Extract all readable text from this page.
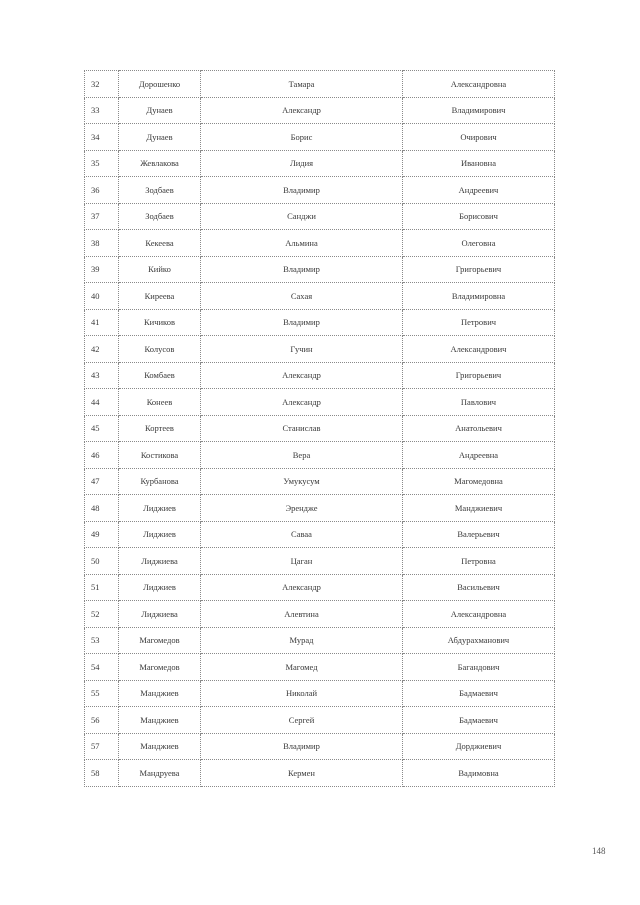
32	Дорошенко	Тамара	Александровна
33	Дунаев	Александр	Владимирович
34	Дунаев	Борис	Очирович
35	Жевлакова	Лидия	Ивановна
36	Зодбаев	Владимир	Андреевич
37	Зодбаев	Санджи	Борисович
38	Кекеева	Альмина	Олеговна
39	Кийко	Владимир	Григорьевич
40	Киреева	Сахая	Владимировна
41	Кичиков	Владимир	Петрович
42	Колусов	Гучин	Александрович
43	Комбаев	Александр	Григорьевич
44	Конеев	Александр	Павлович
45	Кортеев	Станислав	Анатольевич
46	Костикова	Вера	Андреевна
47	Курбанова	Умукусум	Магомедовна
48	Лиджиев	Эрендже	Манджиевич
49	Лиджиев	Саваа	Валерьевич
50	Лиджиева	Цаган	Петровна
51	Лиджиев	Александр	Васильевич
52	Лиджиева	Алевтина	Александровна
53	Магомедов	Мурад	Абдурахманович
54	Магомедов	Магомед	Багандович
55	Манджиев	Николай	Бадмаевич
56	Манджиев	Сергей	Бадмаевич
57	Манджиев	Владимир	Дорджиевич
58	Мандруева	Кермен	Вадимовна
148
